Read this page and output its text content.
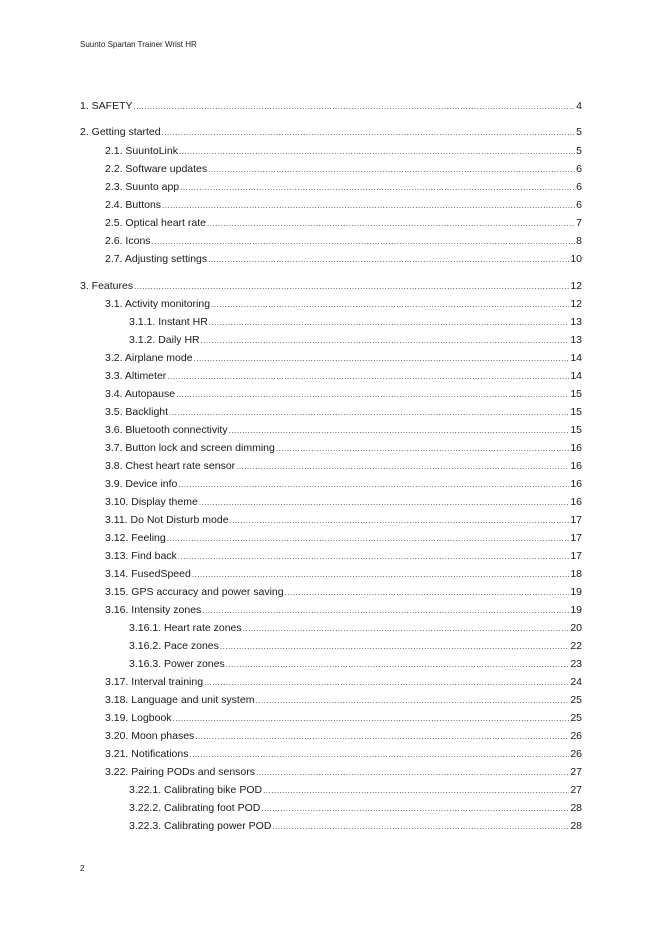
Suunto Spartan Trainer Wrist HR
1. SAFETY .....	4
2. Getting started .....	5
2.1. SuuntoLink .....	5
2.2. Software updates .....	6
2.3. Suunto app .....	6
2.4. Buttons .....	6
2.5. Optical heart rate .....	7
2.6. Icons .....	8
2.7. Adjusting settings .....	10
3. Features .....	12
3.1. Activity monitoring .....	12
3.1.1. Instant HR .....	13
3.1.2. Daily HR .....	13
3.2. Airplane mode .....	14
3.3. Altimeter .....	14
3.4. Autopause .....	15
3.5. Backlight .....	15
3.6. Bluetooth connectivity .....	15
3.7. Button lock and screen dimming .....	16
3.8. Chest heart rate sensor .....	16
3.9. Device info .....	16
3.10. Display theme .....	16
3.11. Do Not Disturb mode .....	17
3.12. Feeling .....	17
3.13. Find back .....	17
3.14. FusedSpeed .....	18
3.15. GPS accuracy and power saving .....	19
3.16. Intensity zones .....	19
3.16.1. Heart rate zones .....	20
3.16.2. Pace zones .....	22
3.16.3. Power zones .....	23
3.17. Interval training .....	24
3.18. Language and unit system .....	25
3.19. Logbook .....	25
3.20. Moon phases .....	26
3.21. Notifications .....	26
3.22. Pairing PODs and sensors .....	27
3.22.1. Calibrating bike POD .....	27
3.22.2. Calibrating foot POD .....	28
3.22.3. Calibrating power POD .....	28
2
